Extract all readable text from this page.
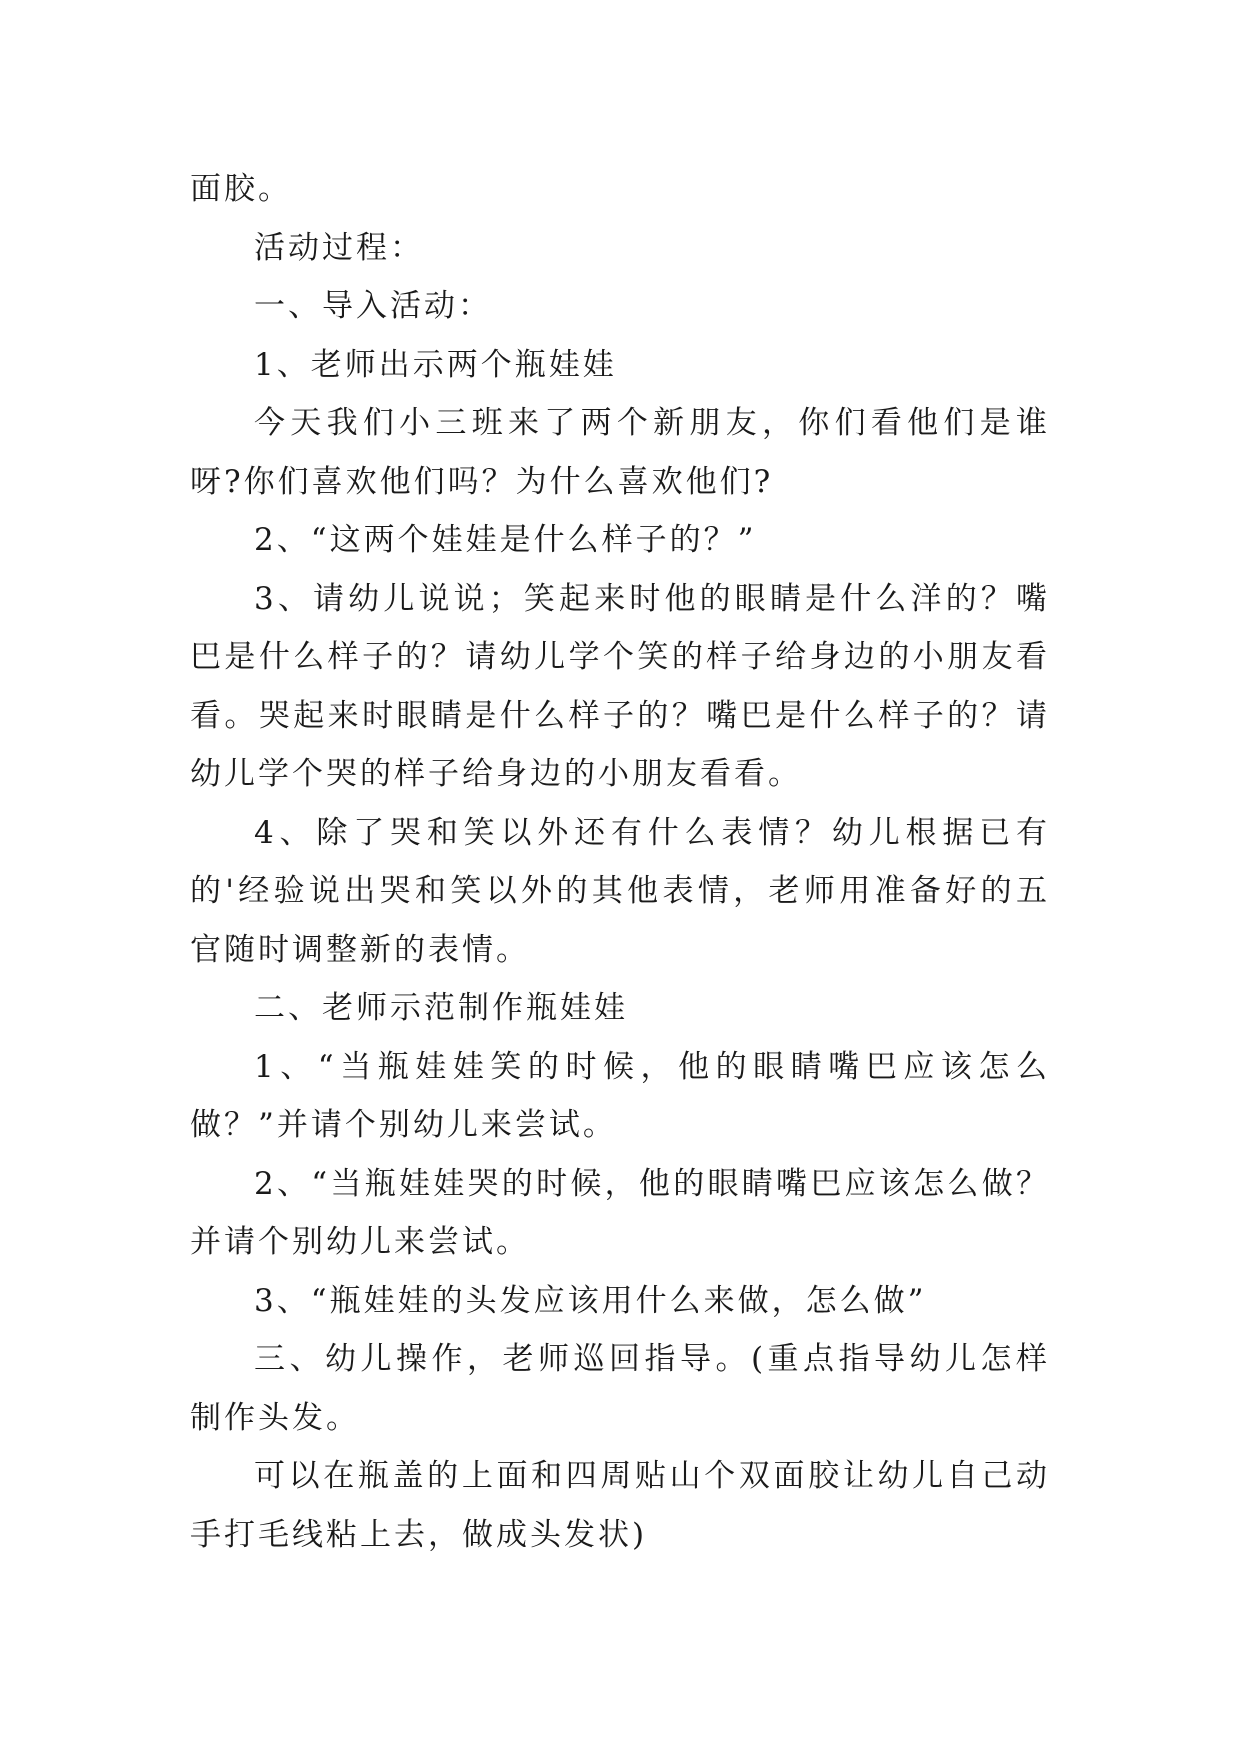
面胶。

活动过程：

一、导入活动：

1、老师出示两个瓶娃娃

今天我们小三班来了两个新朋友，你们看他们是谁呀?你们喜欢他们吗？为什么喜欢他们?

2、“这两个娃娃是什么样子的？”

3、请幼儿说说；笑起来时他的眼睛是什么洋的？嘴巴是什么样子的？请幼儿学个笑的样子给身边的小朋友看看。哭起来时眼睛是什么样子的？嘴巴是什么样子的？请幼儿学个哭的样子给身边的小朋友看看。

4、除了哭和笑以外还有什么表情？幼儿根据已有的'经验说出哭和笑以外的其他表情，老师用准备好的五官随时调整新的表情。

二、老师示范制作瓶娃娃

1、“当瓶娃娃笑的时候，他的眼睛嘴巴应该怎么做？”并请个别幼儿来尝试。

2、“当瓶娃娃哭的时候，他的眼睛嘴巴应该怎么做？并请个别幼儿来尝试。

3、“瓶娃娃的头发应该用什么来做，怎么做”

三、幼儿操作，老师巡回指导。(重点指导幼儿怎样制作头发。

可以在瓶盖的上面和四周贴山个双面胶让幼儿自己动手打毛线粘上去，做成头发状)
